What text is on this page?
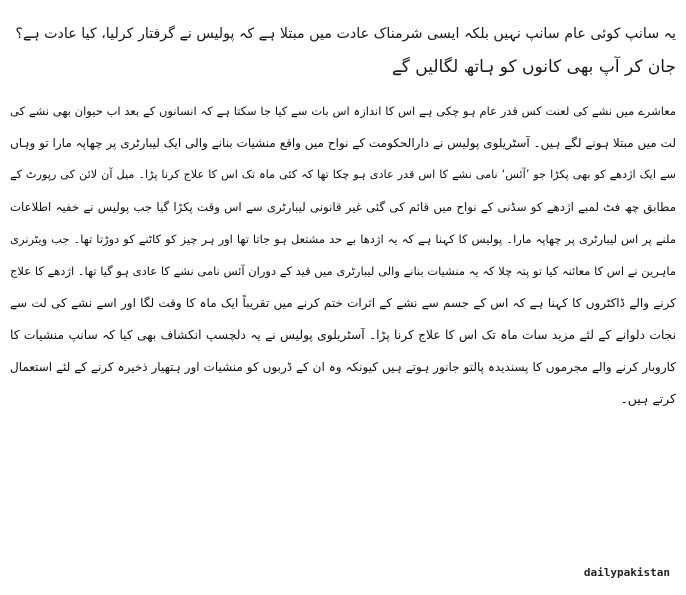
یہ سانپ کوئی عام سانپ نہیں بلکہ ایسی شرمناک عادت میں مبتلا ہے کہ پولیس نے گرفتار کرلیا، کیا عادت ہے؟
جان کر آپ بھی کانوں کو ہاتھ لگالیں گے
معاشرے میں نشے کی لعنت کس قدر عام ہو چکی ہے اس کا اندازہ اس بات سے کیا جا سکتا ہے کہ انسانوں کے بعد اب حیوان بھی نشے کی
لت میں مبتلا ہونے لگے ہیں۔ آسٹریلوی پولیس نے دارالحکومت کے نواح میں واقع منشیات بنانے والی ایک لیبارٹری پر چھاپہ مارا تو وہاں
سے ایک اژدھے کو بھی پکڑا جو ’آئس‘ نامی نشے کا اس قدر عادی ہو چکا تھا کہ کئی ماہ تک اس کا علاج کرنا پڑا۔ میل آن لائن کی رپورٹ کے
مطابق چھ فٹ لمبے اژدھے کو سڈنی کے نواح میں قائم کی گئی غیر قانونی لیبارٹری سے اس وقت پکڑا گیا جب پولیس نے خفیہ اطلاعات
ملنے پر اس لیبارٹری پر چھاپہ مارا۔ پولیس کا کہنا ہے کہ یہ اژدھا بے حد مشتعل ہو جاتا تھا اور ہر چیز کو کاٹنے کو دوڑتا تھا۔ جب ویٹرنری
ماہرین نے اس کا معائنہ کیا تو پتہ چلا کہ یہ منشیات بنانے والی لیبارٹری میں قید کے دوران آئس نامی نشے کا عادی ہو گیا تھا۔ اژدھے کا علاج
کرنے والے ڈاکٹروں کا کہنا ہے کہ اس کے جسم سے نشے کے اثرات ختم کرنے میں تقریباً ایک ماہ کا وقت لگا اور اسے نشے کی لت سے
نجات دلوانے کے لئے مزید سات ماہ تک اس کا علاج کرنا پڑا۔ آسٹریلوی پولیس نے یہ دلچسپ انکشاف بھی کیا کہ سانپ منشیات کا
کاروبار کرنے والے مجرموں کا پسندیدہ پالتو جانور ہوتے ہیں کیونکہ وہ ان کے ڈربوں کو منشیات اور ہتھیار ذخیرہ کرنے کے لئے استعمال
کرتے ہیں۔
dailypakistan
